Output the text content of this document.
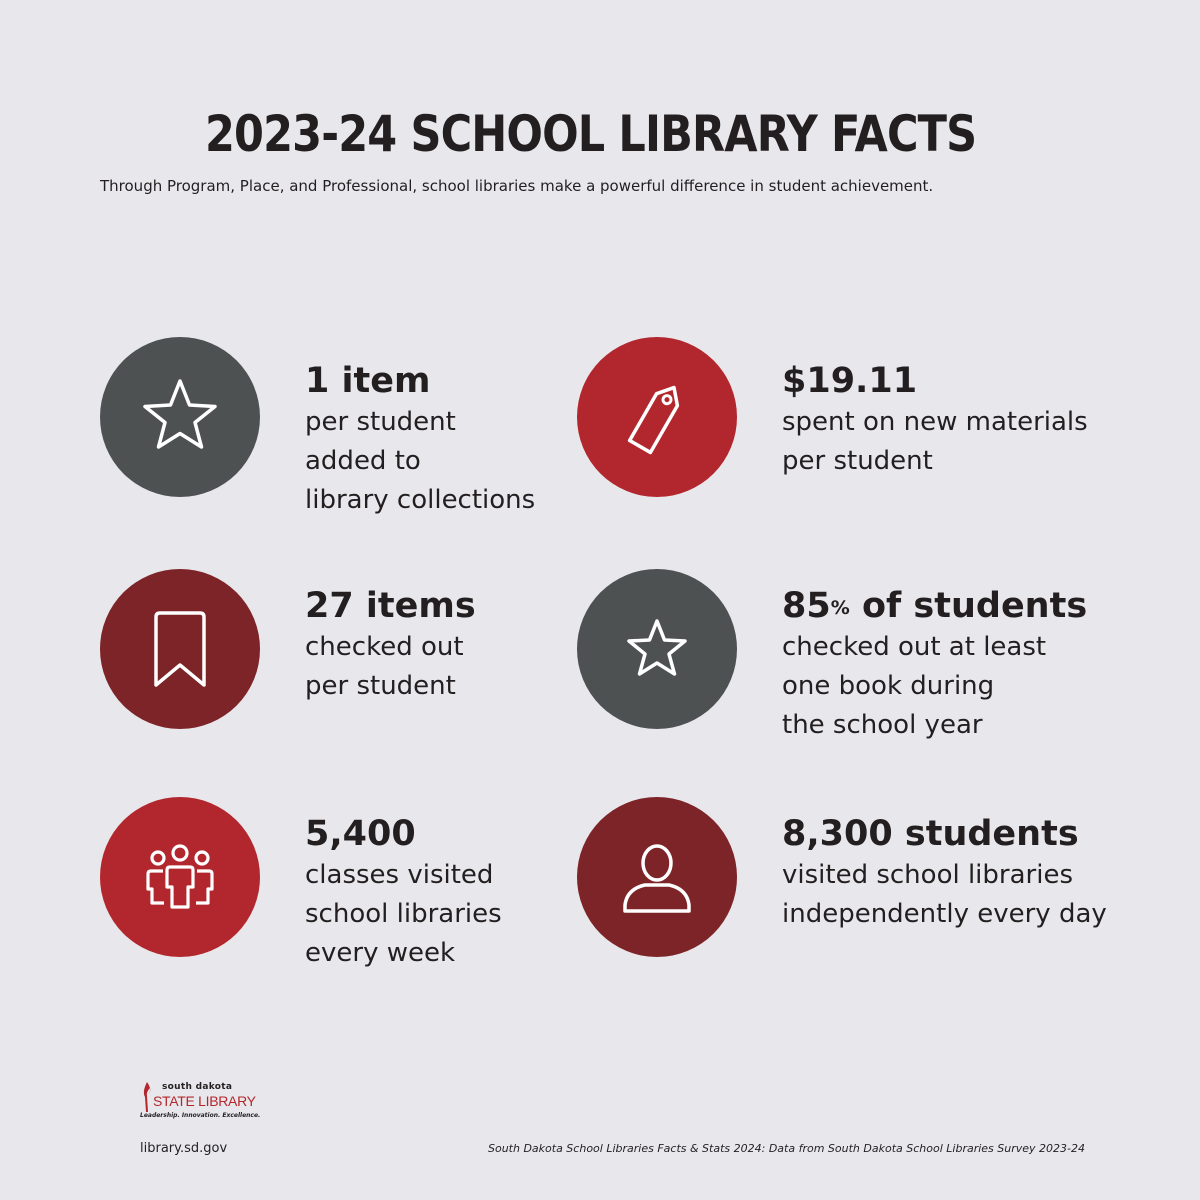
2023-24 SCHOOL LIBRARY FACTS
Through Program, Place, and Professional, school libraries make a powerful difference in student achievement.
1 item
per student
added to
library collections
$19.11
spent on new materials
per student
27 items
checked out
per student
85% of students
checked out at least
one book during
the school year
5,400
classes visited
school libraries
every week
8,300 students
visited school libraries
independently every day
south dakota
STATE LIBRARY
Leadership. Innovation. Excellence.
library.sd.gov	South Dakota School Libraries Facts & Stats 2024: Data from South Dakota School Libraries Survey 2023-24
